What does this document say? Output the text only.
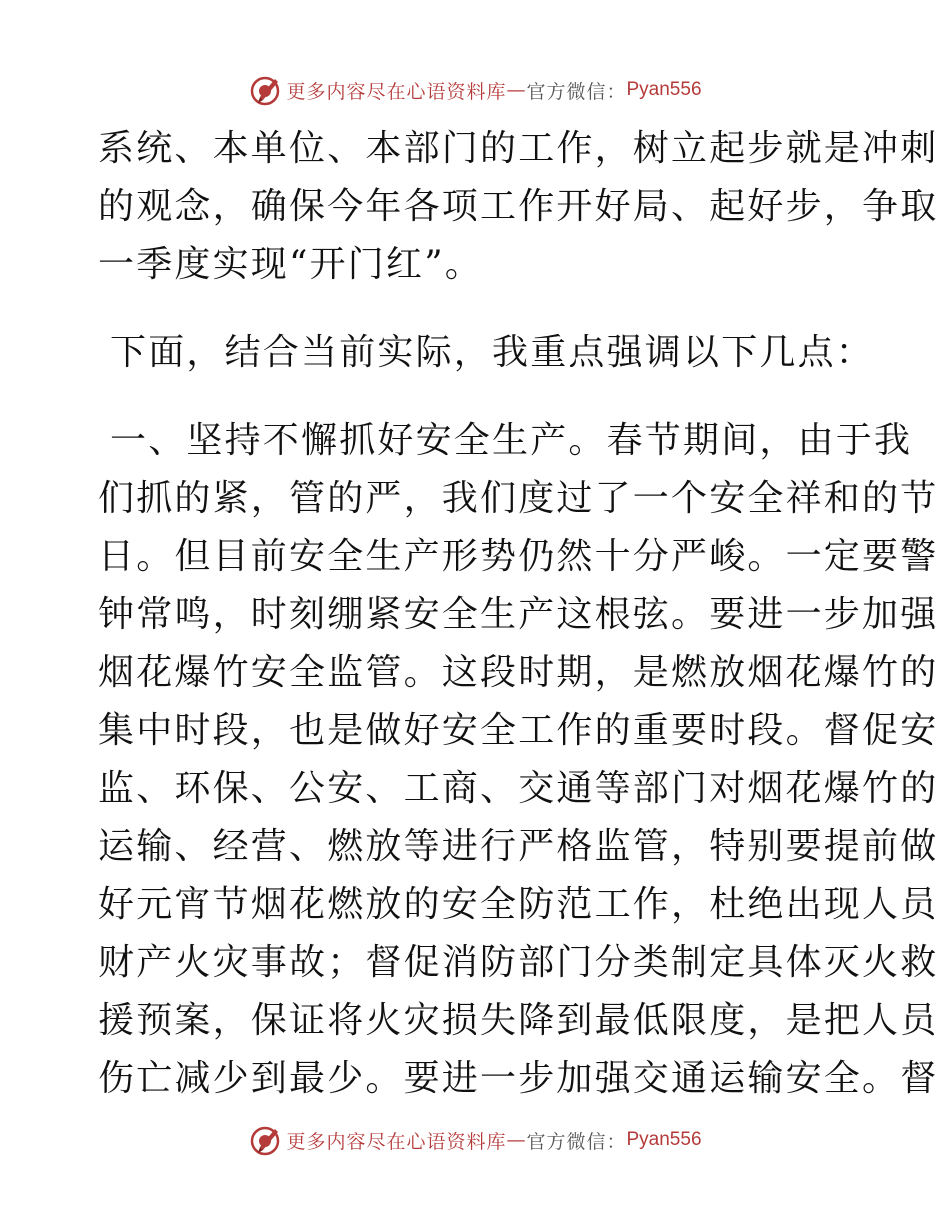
更多内容尽在心语资料库 — 官方微信： Pyan556
系统、本单位、本部门的工作，树立起步就是冲刺
的观念，确保今年各项工作开好局、起好步，争取
一季度实现“开门红”。
下面，结合当前实际，我重点强调以下几点：
一、坚持不懈抓好安全生产。春节期间，由于我
们抓的紧，管的严，我们度过了一个安全祥和的节
日。但目前安全生产形势仍然十分严峻。一定要警
钟常鸣，时刻绷紧安全生产这根弦。要进一步加强
烟花爆竹安全监管。这段时期，是燃放烟花爆竹的
集中时段，也是做好安全工作的重要时段。督促安
监、环保、公安、工商、交通等部门对烟花爆竹的
运输、经营、燃放等进行严格监管，特别要提前做
好元宵节烟花燃放的安全防范工作，杜绝出现人员
财产火灾事故；督促消防部门分类制定具体灭火救
援预案，保证将火灾损失降到最低限度，是把人员
伤亡减少到最少。要进一步加强交通运输安全。督
更多内容尽在心语资料库 — 官方微信： Pyan556
